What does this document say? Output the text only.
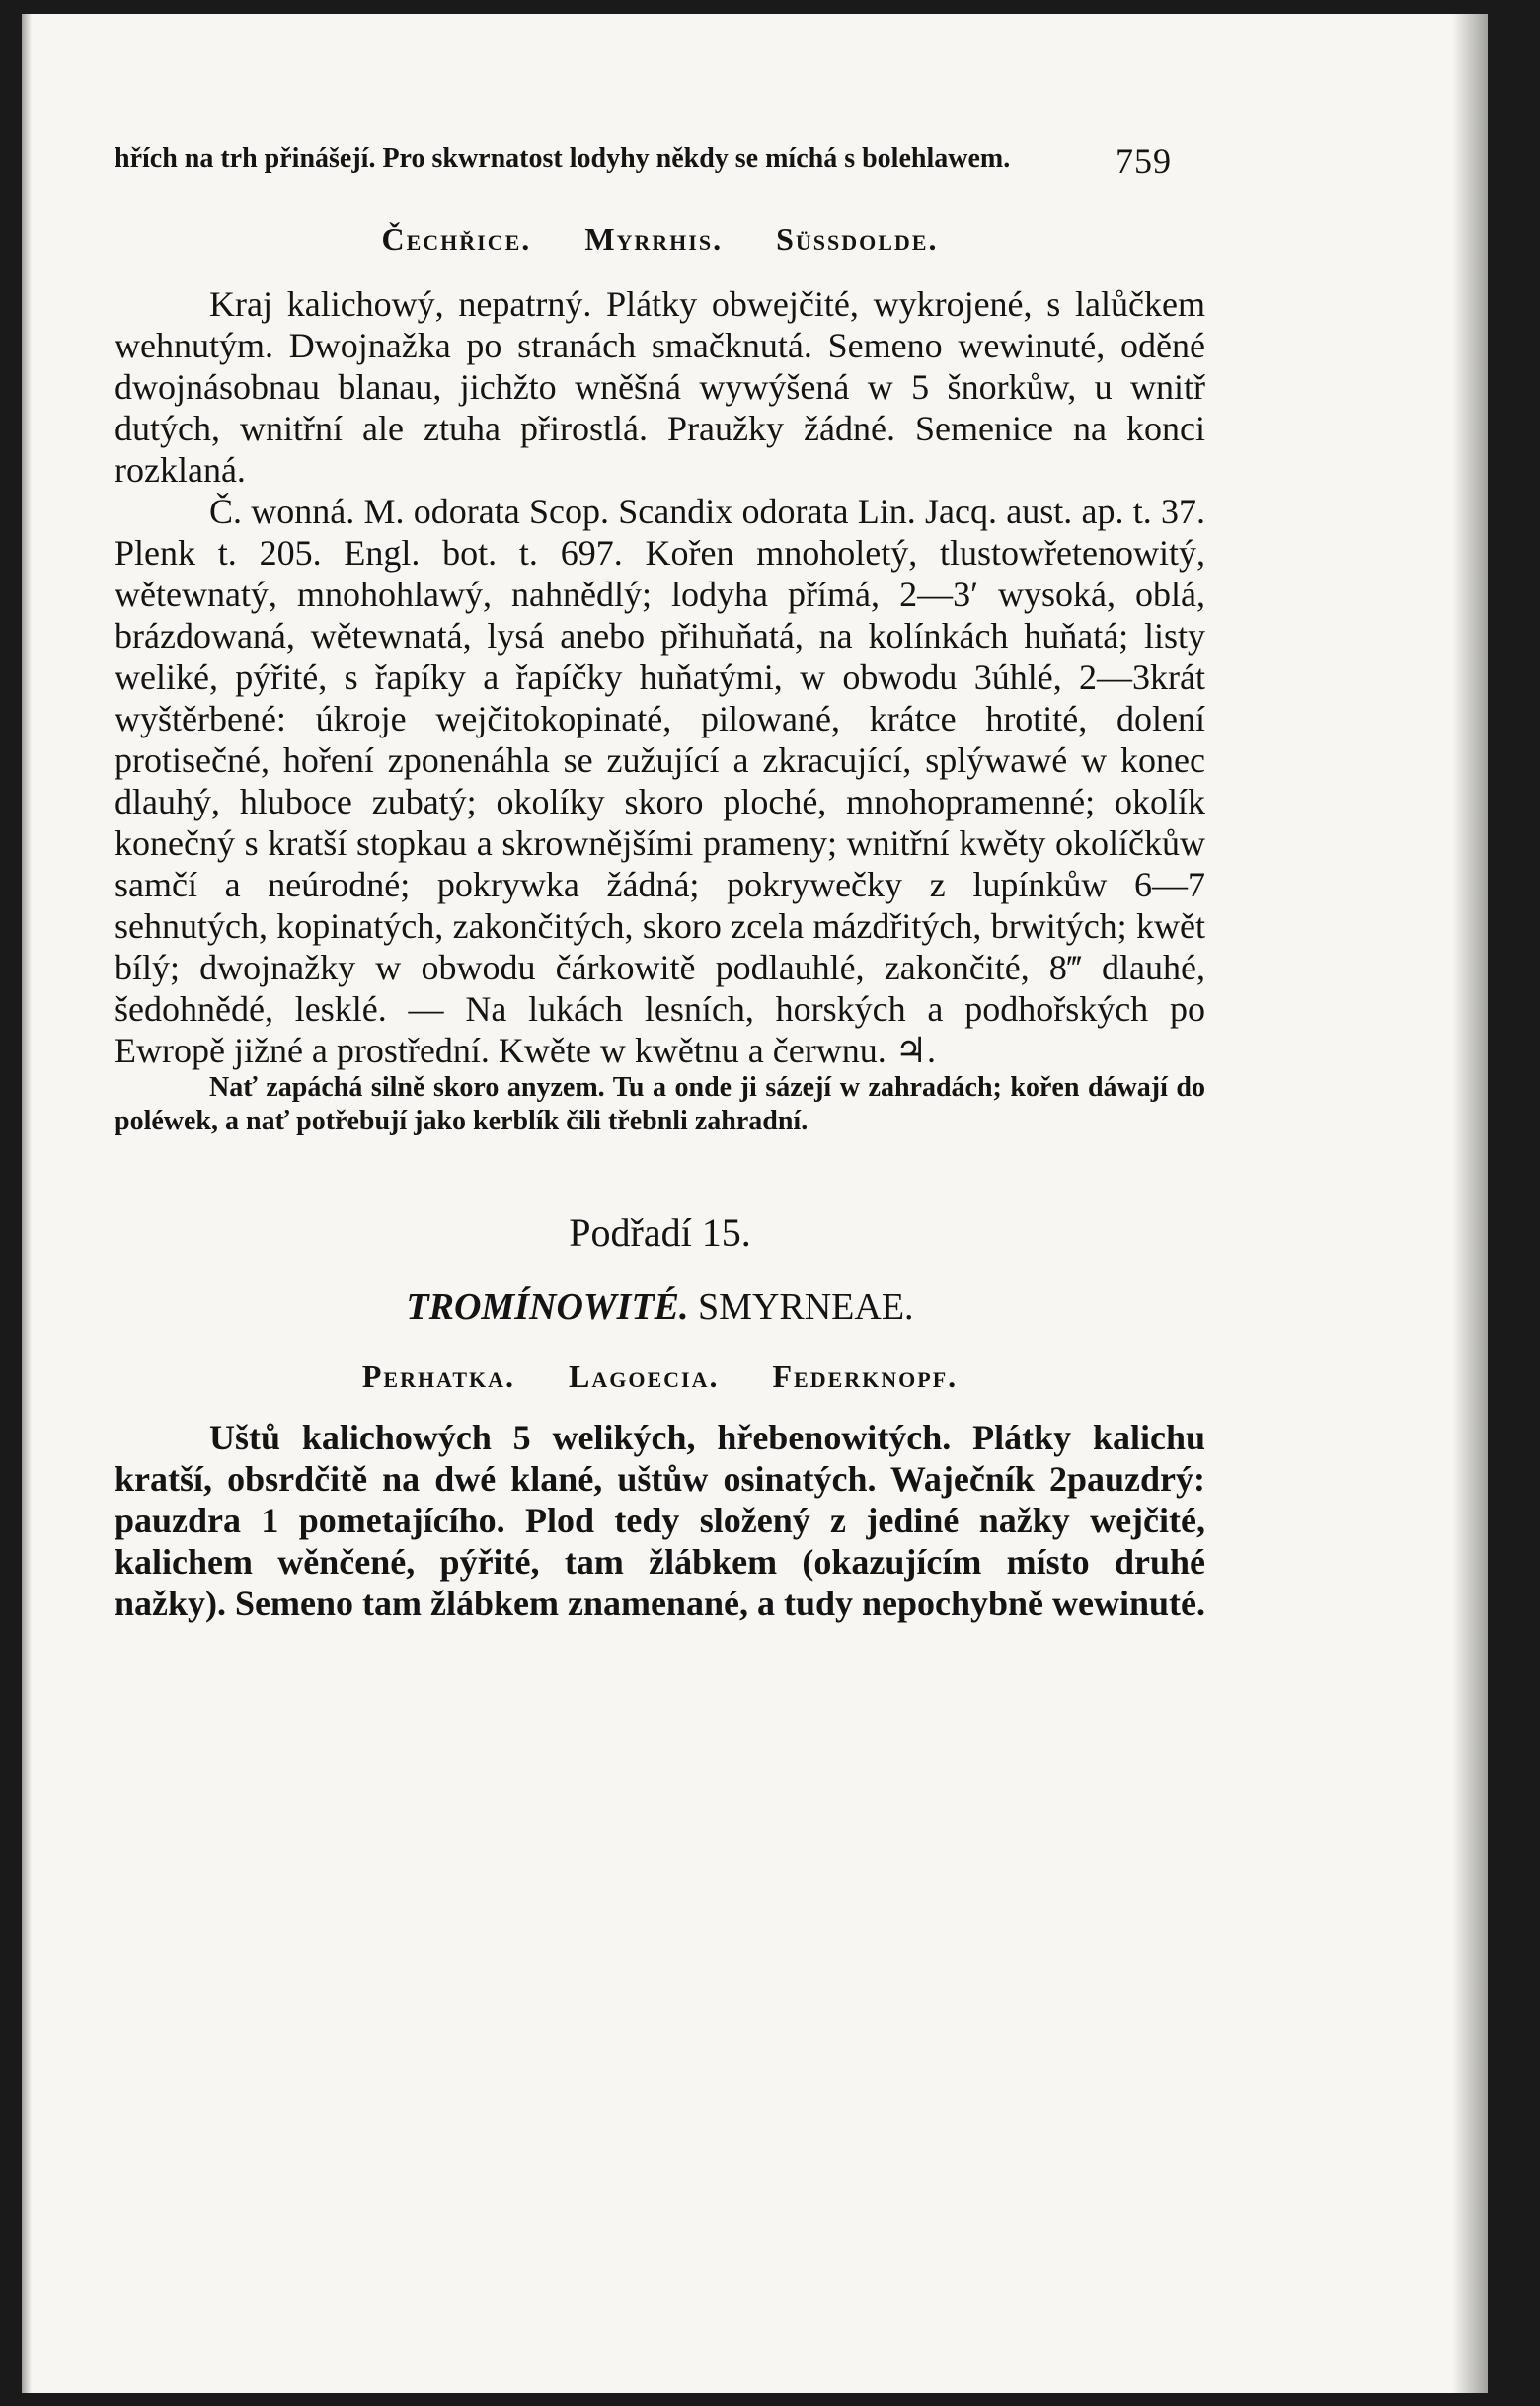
759

hřích na trh přinášejí. Pro skwrnatost lodyhy někdy se míchá s bolehlawem.

Čechřice. Myrrhis. Süssdolde.

Kraj kalichowý, nepatrný. Plátky obwejčité, wykrojené, s lalůčkem wehnutým. Dwojnažka po stranách smačknutá. Semeno wewinuté, oděné dwojnásobnau blanau, jichžto wněšná wywýšená w 5 šnorkůw, u wnitř dutých, wnitřní ale ztuha přirostlá. Praužky žádné. Semenice na konci rozklaná.

Č. wonná. M. odorata Scop. Scandix odorata Lin. Jacq. aust. ap. t. 37. Plenk t. 205. Engl. bot. t. 697. Kořen mnoholetý, tlustowřetenowitý, wětewnatý, mnohohlawý, nahnědlý; lodyha přímá, 2—3′ wysoká, oblá, brázdowaná, wětewnatá, lysá anebo přihuňatá, na kolínkách huňatá; listy weliké, pýřité, s řapíky a řapíčky huňatými, w obwodu 3úhlé, 2—3krát wyštěrbené: úkroje wejčitokopinaté, pilowané, krátce hrotité, dolení protisečné, hoření zponenáhla se zužující a zkracující, splýwawé w konec dlauhý, hluboce zubatý; okolíky skoro ploché, mnohopramenné; okolík konečný s kratší stopkau a skrownějšími prameny; wnitřní kwěty okolíčkůw samčí a neúrodné; pokrywka žádná; pokrywečky z lupínkůw 6—7 sehnutých, kopinatých, zakončitých, skoro zcela mázdřitých, brwitých; kwět bílý; dwojnažky w obwodu čárkowitě podlauhlé, zakončité, 8‴ dlauhé, šedohnědé, lesklé. — Na lukách lesních, horských a podhořských po Ewropě jižné a prostřední. Kwěte w kwětnu a čerwnu. ♃.

Nať zapáchá silně skoro anyzem. Tu a onde ji sázejí w zahradách; kořen dáwají do poléwek, a nať potřebují jako kerblík čili třebnli zahradní.

Podřadí 15.

TROMÍNOWITÉ. SMYRNEAE.

Perhatka. Lagoecia. Federknopf.

Uštů kalichowých 5 welikých, hřebenowitých. Plátky kalichu kratší, obsrdčitě na dwé klané, uštůw osinatých. Waječník 2pauzdrý: pauzdra 1 pometajícího. Plod tedy složený z jediné nažky wejčité, kalichem wěnčené, pýřité, tam žlábkem (okazujícím místo druhé nažky). Semeno tam žlábkem znamenané, a tudy nepochybně wewinuté.
